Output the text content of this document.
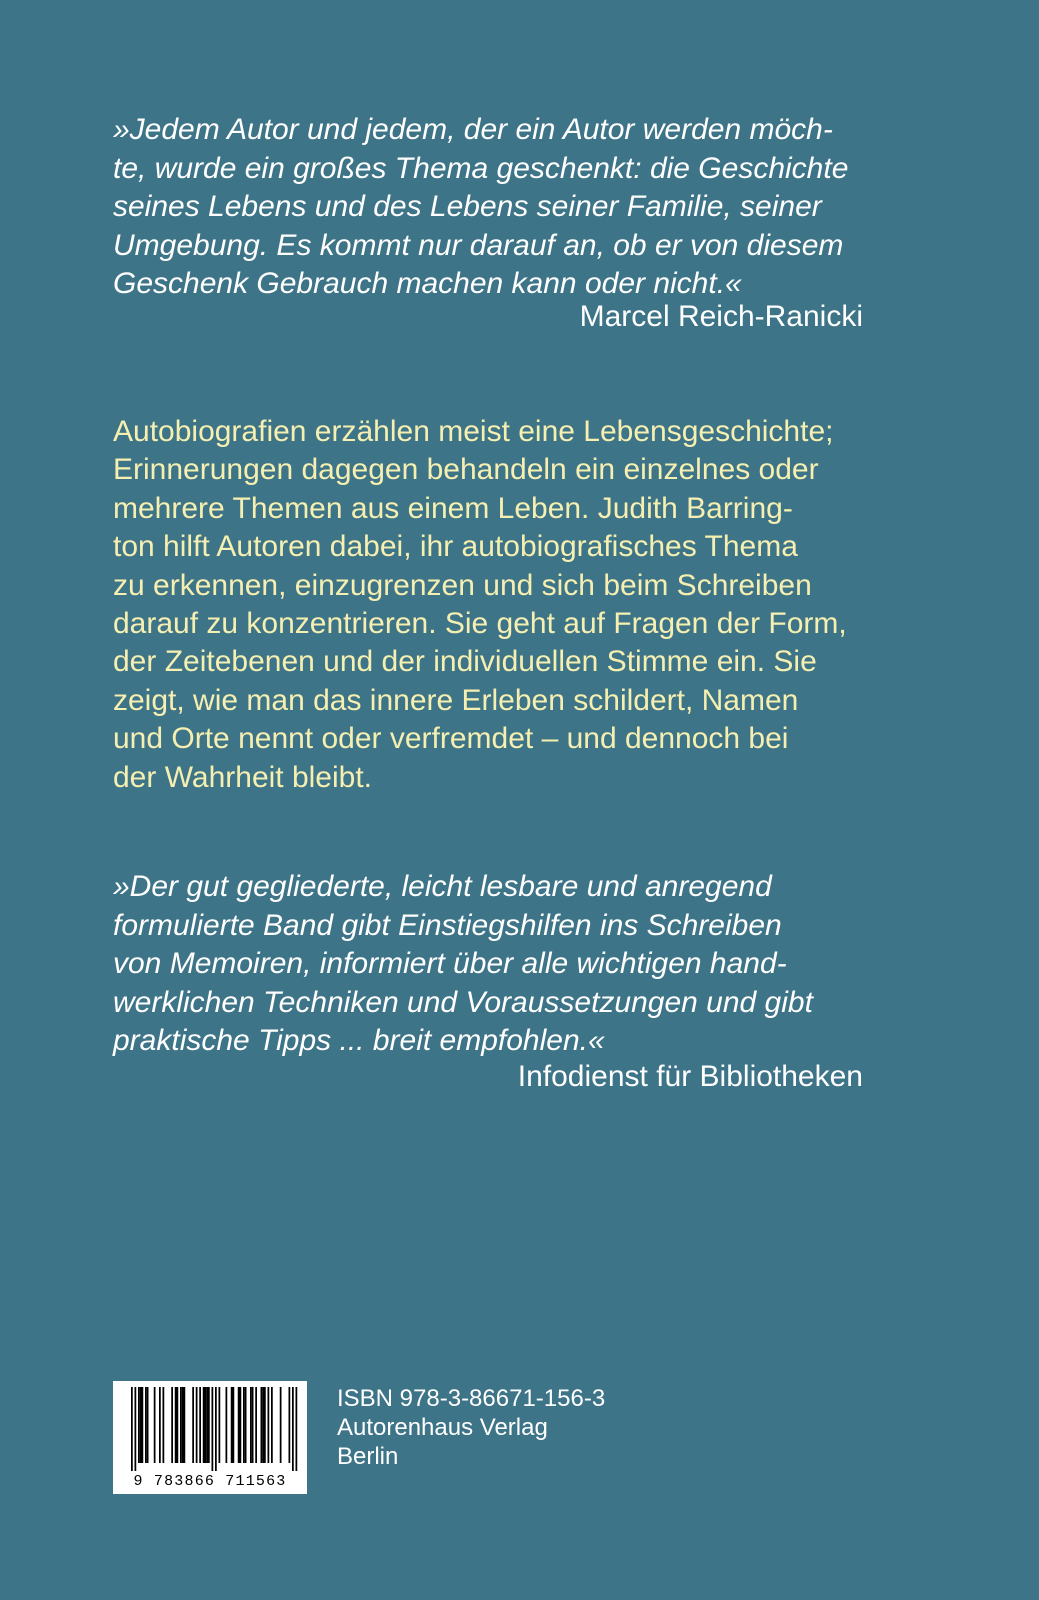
»Jedem Autor und jedem, der ein Autor werden möch-
te, wurde ein großes Thema geschenkt: die Geschichte
seines Lebens und des Lebens seiner Familie, seiner
Umgebung. Es kommt nur darauf an, ob er von diesem
Geschenk Gebrauch machen kann oder nicht.«
Marcel Reich-Ranicki
Autobiografien erzählen meist eine Lebensgeschichte;
Erinnerungen dagegen behandeln ein einzelnes oder
mehrere Themen aus einem Leben. Judith Barring-
ton hilft Autoren dabei, ihr autobiografisches Thema
zu erkennen, einzugrenzen und sich beim Schreiben
darauf zu konzentrieren. Sie geht auf Fragen der Form,
der Zeitebenen und der individuellen Stimme ein. Sie
zeigt, wie man das innere Erleben schildert, Namen
und Orte nennt oder verfremdet – und dennoch bei
der Wahrheit bleibt.
»Der gut gegliederte, leicht lesbare und anregend
formulierte Band gibt Einstiegshilfen ins Schreiben
von Memoiren, informiert über alle wichtigen hand-
werklichen Techniken und Voraussetzungen und gibt
praktische Tipps ... breit empfohlen.«
Infodienst für Bibliotheken
9 783866 711563
ISBN 978-3-86671-156-3
Autorenhaus Verlag
Berlin
